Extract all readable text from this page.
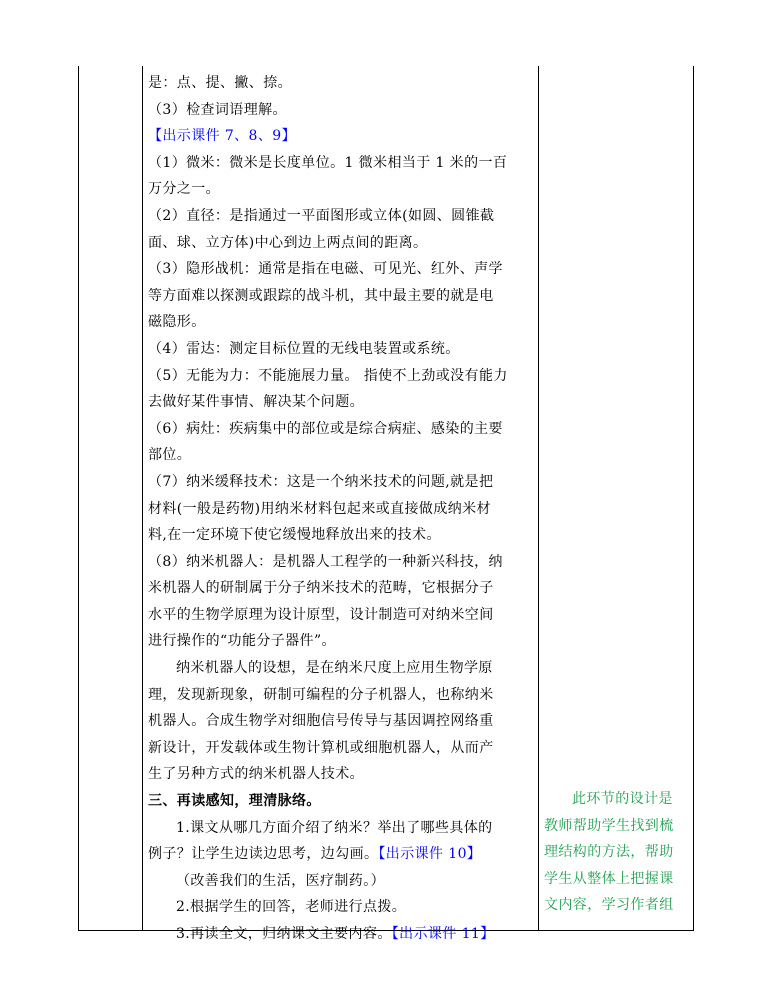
是：点、提、撇、捺。

（3）检查词语理解。

【出示课件 7、8、9】

（1）微米：微米是长度单位。1 微米相当于 1 米的一百

万分之一。

（2）直径：是指通过一平面图形或立体(如圆、圆锥截

面、球、立方体)中心到边上两点间的距离。

（3）隐形战机：通常是指在电磁、可见光、红外、声学

等方面难以探测或跟踪的战斗机，其中最主要的就是电

磁隐形。

（4）雷达：测定目标位置的无线电装置或系统。

（5）无能为力：不能施展力量。 指使不上劲或没有能力

去做好某件事情、解决某个问题。

（6）病灶：疾病集中的部位或是综合病症、感染的主要

部位。

（7）纳米缓释技术：这是一个纳米技术的问题,就是把

材料(一般是药物)用纳米材料包起来或直接做成纳米材

料,在一定环境下使它缓慢地释放出来的技术。

（8）纳米机器人：是机器人工程学的一种新兴科技，纳

米机器人的研制属于分子纳米技术的范畴，它根据分子

水平的生物学原理为设计原型，设计制造可对纳米空间

进行操作的“功能分子器件”。

纳米机器人的设想，是在纳米尺度上应用生物学原

理，发现新现象，研制可编程的分子机器人，也称纳米

机器人。合成生物学对细胞信号传导与基因调控网络重

新设计，开发载体或生物计算机或细胞机器人，从而产

生了另种方式的纳米机器人技术。

三、再读感知，理清脉络。

1.课文从哪几方面介绍了纳米？举出了哪些具体的

例子？让学生边读边思考，边勾画。【出示课件 10】

（改善我们的生活，医疗制药。）

2.根据学生的回答，老师进行点拨。

3.再读全文，归纳课文主要内容。【出示课件 11】

此环节的设计是

教师帮助学生找到梳

理结构的方法，帮助

学生从整体上把握课

文内容，学习作者组
